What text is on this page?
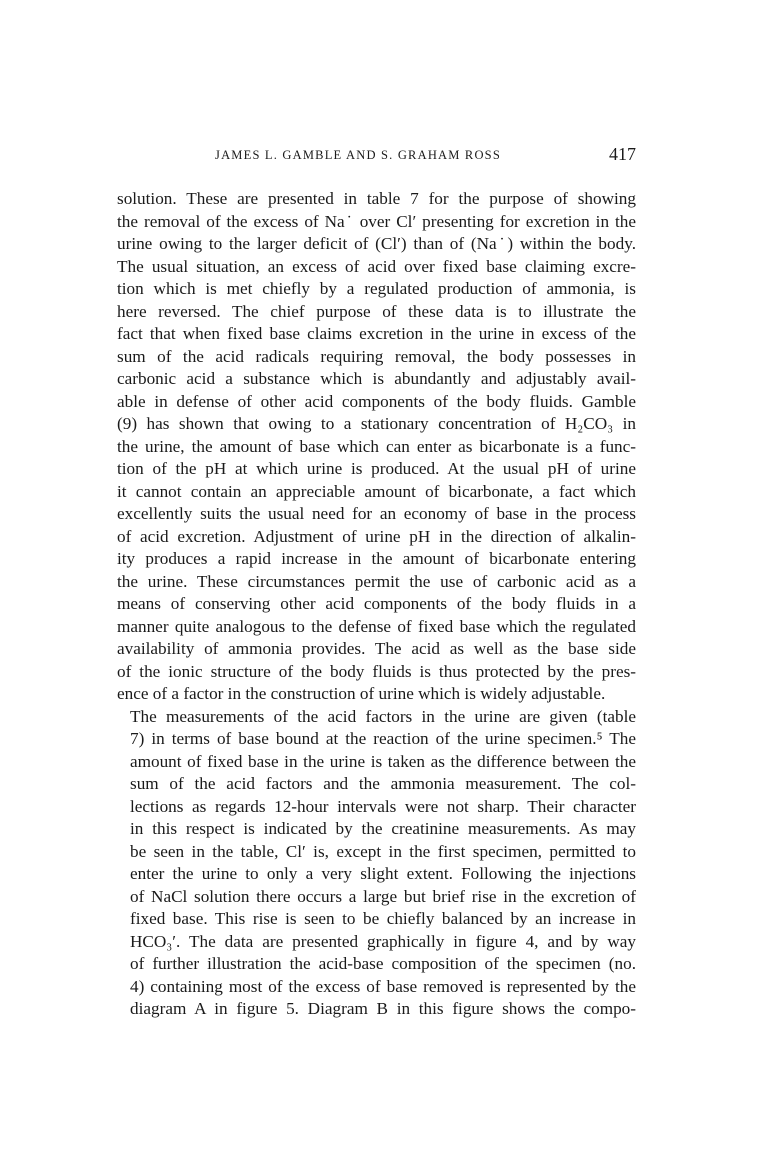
JAMES L. GAMBLE AND S. GRAHAM ROSS	417

solution. These are presented in table 7 for the purpose of showing
the removal of the excess of Na˙ over Cl′ presenting for excretion in the
urine owing to the larger deficit of (Cl′) than of (Na˙) within the body.
The usual situation, an excess of acid over fixed base claiming excre-
tion which is met chiefly by a regulated production of ammonia, is
here reversed. The chief purpose of these data is to illustrate the
fact that when fixed base claims excretion in the urine in excess of the
sum of the acid radicals requiring removal, the body possesses in
carbonic acid a substance which is abundantly and adjustably avail-
able in defense of other acid components of the body fluids. Gamble
(9) has shown that owing to a stationary concentration of H₂CO₃ in
the urine, the amount of base which can enter as bicarbonate is a func-
tion of the pH at which urine is produced. At the usual pH of urine
it cannot contain an appreciable amount of bicarbonate, a fact which
excellently suits the usual need for an economy of base in the process
of acid excretion. Adjustment of urine pH in the direction of alkalin-
ity produces a rapid increase in the amount of bicarbonate entering
the urine. These circumstances permit the use of carbonic acid as a
means of conserving other acid components of the body fluids in a
manner quite analogous to the defense of fixed base which the regulated
availability of ammonia provides. The acid as well as the base side
of the ionic structure of the body fluids is thus protected by the pres-
ence of a factor in the construction of urine which is widely adjustable.

The measurements of the acid factors in the urine are given (table
7) in terms of base bound at the reaction of the urine specimen.⁵ The
amount of fixed base in the urine is taken as the difference between the
sum of the acid factors and the ammonia measurement. The col-
lections as regards 12-hour intervals were not sharp. Their character
in this respect is indicated by the creatinine measurements. As may
be seen in the table, Cl′ is, except in the first specimen, permitted to
enter the urine to only a very slight extent. Following the injections
of NaCl solution there occurs a large but brief rise in the excretion of
fixed base. This rise is seen to be chiefly balanced by an increase in
HCO₃′. The data are presented graphically in figure 4, and by way
of further illustration the acid-base composition of the specimen (no.
4) containing most of the excess of base removed is represented by the
diagram A in figure 5. Diagram B in this figure shows the compo-
